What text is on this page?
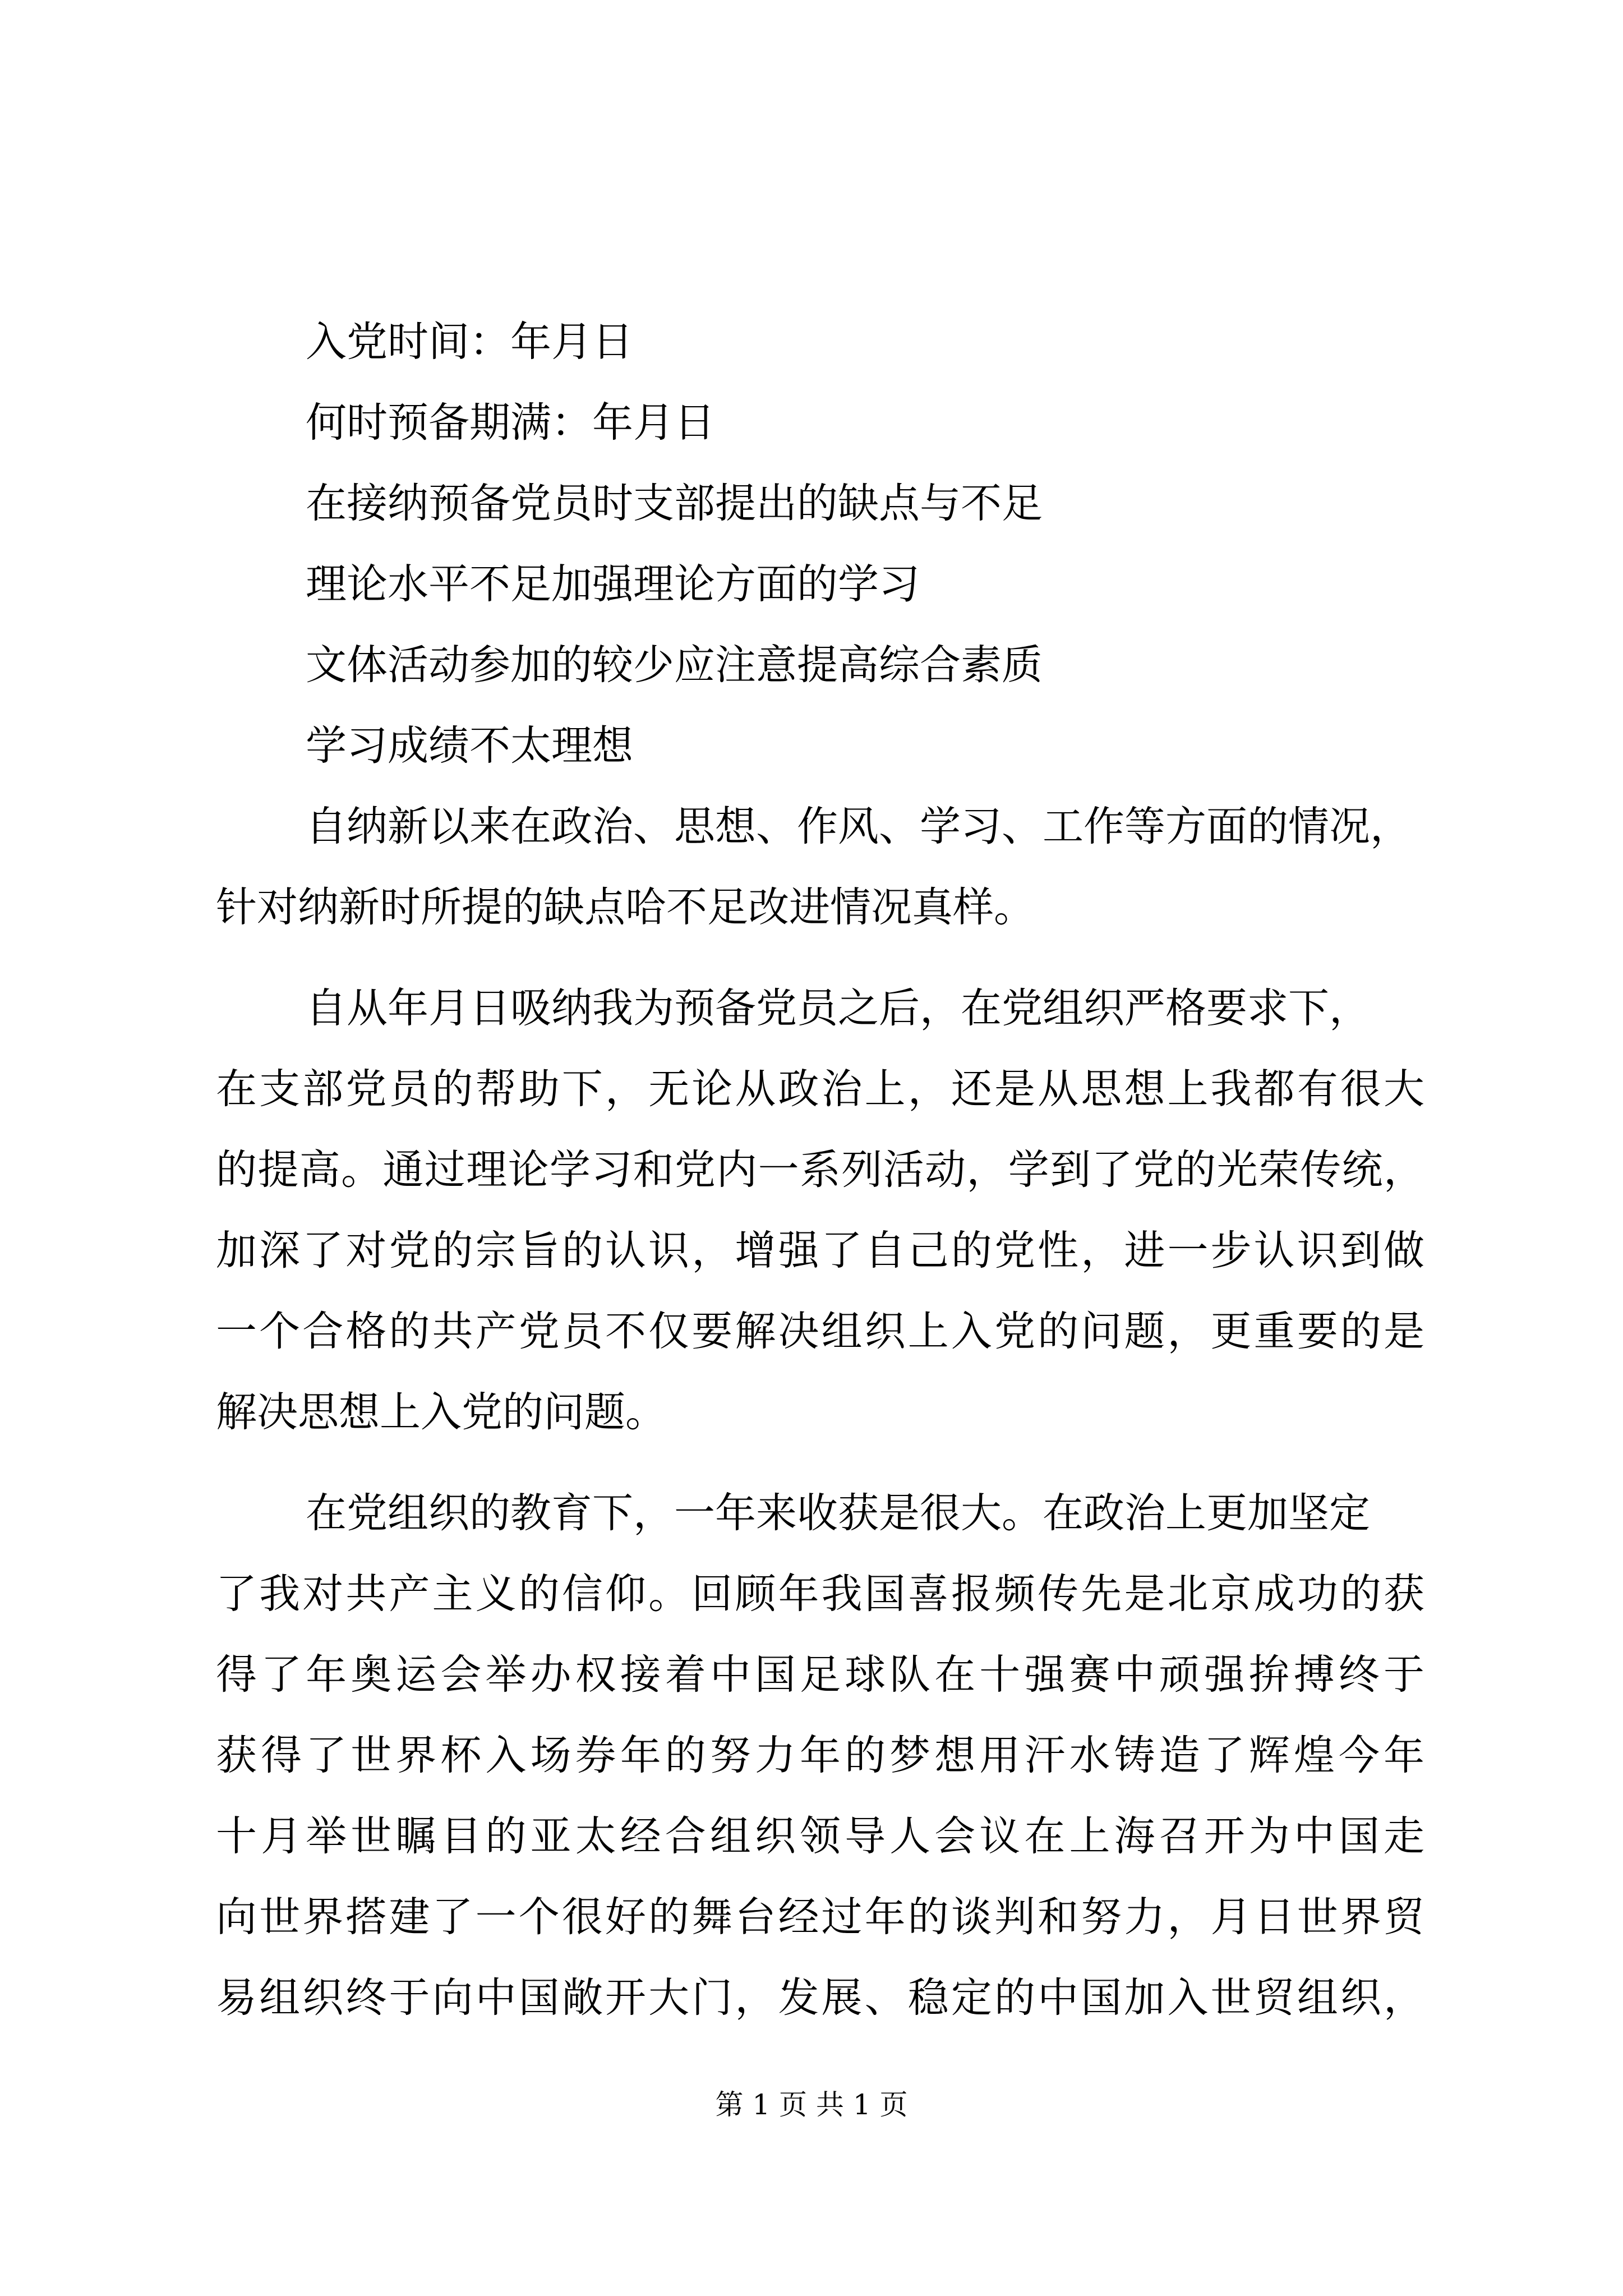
入党时间：年月日
何时预备期满：年月日
在接纳预备党员时支部提出的缺点与不足
理论水平不足加强理论方面的学习
文体活动参加的较少应注意提高综合素质
学习成绩不太理想
自纳新以来在政治、思想、作风、学习、工作等方面的情况，
针对纳新时所提的缺点哈不足改进情况真样。
自从年月日吸纳我为预备党员之后，在党组织严格要求下，
在支部党员的帮助下，无论从政治上，还是从思想上我都有很大
的提高。通过理论学习和党内一系列活动，学到了党的光荣传统，
加深了对党的宗旨的认识，增强了自己的党性，进一步认识到做
一个合格的共产党员不仅要解决组织上入党的问题，更重要的是
解决思想上入党的问题。
在党组织的教育下，一年来收获是很大。在政治上更加坚定
了我对共产主义的信仰。回顾年我国喜报频传先是北京成功的获
得了年奥运会举办权接着中国足球队在十强赛中顽强拚搏终于
获得了世界杯入场券年的努力年的梦想用汗水铸造了辉煌今年
十月举世瞩目的亚太经合组织领导人会议在上海召开为中国走
向世界搭建了一个很好的舞台经过年的谈判和努力，月日世界贸
易组织终于向中国敞开大门，发展、稳定的中国加入世贸组织，
第 1 页 共 1 页
